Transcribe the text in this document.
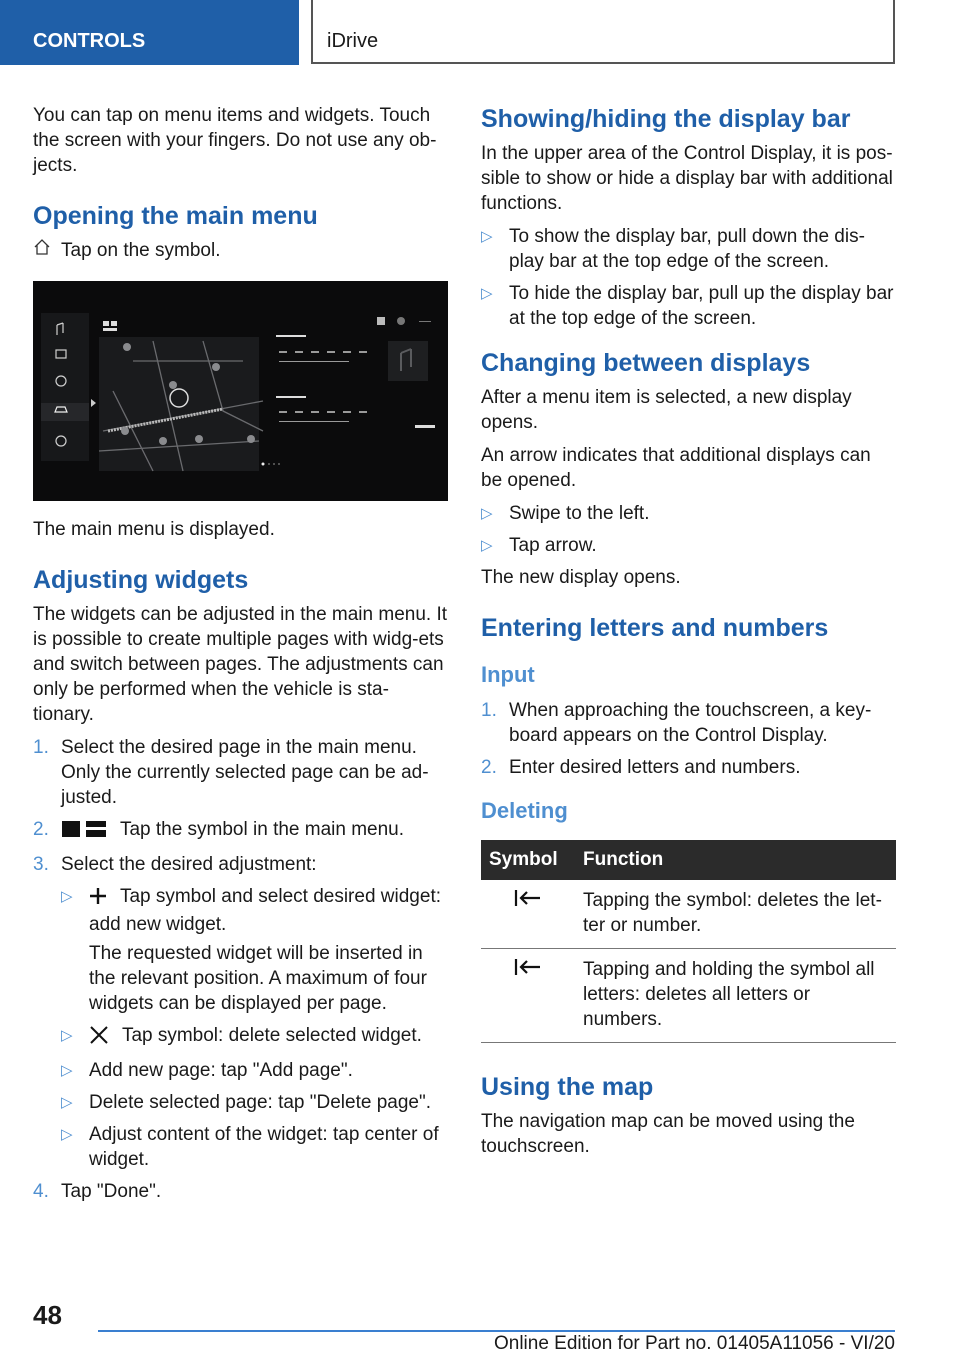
CONTROLS	iDrive

You can tap on menu items and widgets. Touch the screen with your fingers. Do not use any ob‐jects.

Opening the main menu
Tap on the symbol.

The main menu is displayed.

Adjusting widgets

The widgets can be adjusted in the main menu. It is possible to create multiple pages with widg‐ets and switch between pages. The adjustments can only be performed when the vehicle is sta‐tionary.

1. Select the desired page in the main menu. Only the currently selected page can be ad‐justed.
2.	Tap the symbol in the main menu.
3. Select the desired adjustment:
▷ Tap symbol and select desired widget: add new widget.

The requested widget will be inserted in the relevant position. A maximum of four widgets can be displayed per page.

▷	Tap symbol: delete selected widget.
▷ Add new page: tap "Add page".
▷ Delete selected page: tap "Delete page".
▷ Adjust content of the widget: tap center of widget.
4. Tap "Done".
Showing/hiding the display bar

In the upper area of the Control Display, it is pos‐sible to show or hide a display bar with additional functions.

▷ To show the display bar, pull down the dis‐play bar at the top edge of the screen.
▷ To hide the display bar, pull up the display bar at the top edge of the screen.
Changing between displays

After a menu item is selected, a new display opens.

An arrow indicates that additional displays can be opened.

▷ Swipe to the left.
▷ Tap arrow.

The new display opens.

Entering letters and numbers
Input
1. When approaching the touchscreen, a key‐board appears on the Control Display.
2. Enter desired letters and numbers.
Deleting
Symbol	Function
	Tapping the symbol: deletes the let‐ter or number.
	Tapping and holding the symbol all letters: deletes all letters or numbers.
Using the map

The navigation map can be moved using the touchscreen.

48
Online Edition for Part no. 01405A11056 - VI/20
